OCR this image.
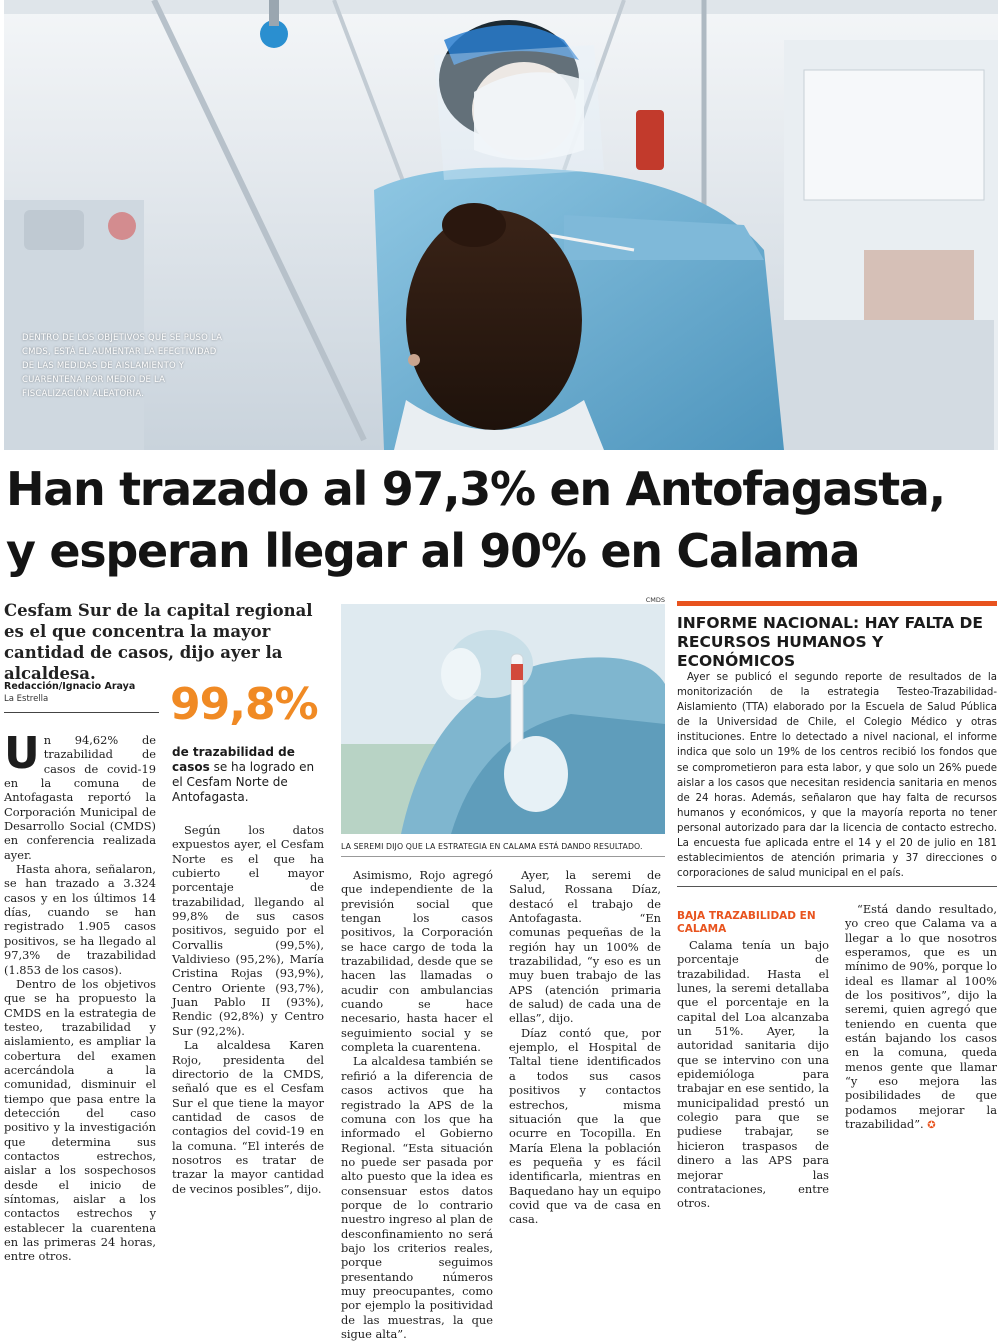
DENTRO DE LOS OBJETIVOS QUE SE PUSO LA CMDS, ESTÁ EL AUMENTAR LA EFECTIVIDAD DE LAS MEDIDAS DE AISLAMIENTO Y CUARENTENA POR MEDIO DE LA FISCALIZACIÓN ALEATORIA.
Han trazado al 97,3% en Antofagasta,
y esperan llegar al 90% en Calama
Cesfam Sur de la capital regional es el que concentra la mayor cantidad de casos, dijo ayer la alcaldesa.
Redacción/Ignacio Araya
La Estrella	99,8%
de trazabilidad de casos se ha logrado en el Cesfam Norte de Antofagasta.

Un 94,62% de trazabilidad de casos de covid-19 en la comuna de Antofagasta reportó la Corporación Municipal de Desarrollo Social (CMDS) en conferencia realizada ayer.

Hasta ahora, señalaron, se han trazado a 3.324 casos y en los últimos 14 días, cuando se han registrado 1.905 casos positivos, se ha llegado al 97,3% de trazabilidad (1.853 de los casos).

Dentro de los objetivos que se ha propuesto la CMDS en la estrategia de testeo, trazabilidad y aislamiento, es ampliar la cobertura del examen acercándola a la comunidad, disminuir el tiempo que pasa entre la detección del caso positivo y la investigación que determina sus contactos estrechos, aislar a los sospechosos desde el inicio de síntomas, aislar a los contactos estrechos y establecer la cuarentena en las primeras 24 horas, entre otros.

Según los datos expuestos ayer, el Cesfam Norte es el que ha cubierto el mayor porcentaje de trazabilidad, llegando al 99,8% de sus casos positivos, seguido por el Corvallis (99,5%), Valdivieso (95,2%), María Cristina Rojas (93,9%), Centro Oriente (93,7%), Juan Pablo II (93%), Rendic (92,8%) y Centro Sur (92,2%).

La alcaldesa Karen Rojo, presidenta del directorio de la CMDS, señaló que es el Cesfam Sur el que tiene la mayor cantidad de casos de contagios del covid-19 en la comuna. “El interés de nosotros es tratar de trazar la mayor cantidad de vecinos posibles”, dijo.

Asimismo, Rojo agregó que independiente de la previsión social que tengan los casos positivos, la Corporación se hace cargo de toda la trazabilidad, desde que se hacen las llamadas o acudir con ambulancias cuando se hace necesario, hasta hacer el seguimiento social y se completa la cuarentena.

La alcaldesa también se refirió a la diferencia de casos activos que ha registrado la APS de la comuna con los que ha informado el Gobierno Regional. “Esta situación no puede ser pasada por alto puesto que la idea es consensuar estos datos porque de lo contrario nuestro ingreso al plan de desconfinamiento no será bajo los criterios reales, porque seguimos presentando números muy preocupantes, como por ejemplo la positividad de las muestras, la que sigue alta”.

Ayer, la seremi de Salud, Rossana Díaz, destacó el trabajo de Antofagasta. “En comunas pequeñas de la región hay un 100% de trazabilidad, “y eso es un muy buen trabajo de las APS (atención primaria de salud) de cada una de ellas”, dijo.

Díaz contó que, por ejemplo, el Hospital de Taltal tiene identificados a todos sus casos positivos y contactos estrechos, misma situación que la que ocurre en Tocopilla. En María Elena la población es pequeña y es fácil identificarla, mientras en Baquedano hay un equipo covid que va de casa en casa.

BAJA TRAZABILIDAD EN CALAMA

Calama tenía un bajo porcentaje de trazabilidad. Hasta el lunes, la seremi detallaba que el porcentaje en la capital del Loa alcanzaba un 51%. Ayer, la autoridad sanitaria dijo que se intervino con una epidemióloga para trabajar en ese sentido, la municipalidad prestó un colegio para que se pudiese trabajar, se hicieron traspasos de dinero a las APS para mejorar las contrataciones, entre otros.

“Está dando resultado, yo creo que Calama va a llegar a lo que nosotros esperamos, que es un mínimo de 90%, porque lo ideal es llamar al 100% de los positivos”, dijo la seremi, quien agregó que teniendo en cuenta que están bajando los casos en la comuna, queda menos gente que llamar “y eso mejora las posibilidades de que podamos mejorar la trazabilidad”. ✪

CMDS
LA SEREMI DIJO QUE LA ESTRATEGIA EN CALAMA ESTÁ DANDO RESULTADO.
INFORME NACIONAL: HAY FALTA DE RECURSOS HUMANOS Y ECONÓMICOS

Ayer se publicó el segundo reporte de resultados de la monitorización de la estrategia Testeo-Trazabilidad-Aislamiento (TTA) elaborado por la Escuela de Salud Pública de la Universidad de Chile, el Colegio Médico y otras instituciones. Entre lo detectado a nivel nacional, el informe indica que solo un 19% de los centros recibió los fondos que se comprometieron para esta labor, y que solo un 26% puede aislar a los casos que necesitan residencia sanitaria en menos de 24 horas. Además, señalaron que hay falta de recursos humanos y económicos, y que la mayoría reporta no tener personal autorizado para dar la licencia de contacto estrecho. La encuesta fue aplicada entre el 14 y el 20 de julio en 181 establecimientos de atención primaria y 37 direcciones o corporaciones de salud municipal en el país.
